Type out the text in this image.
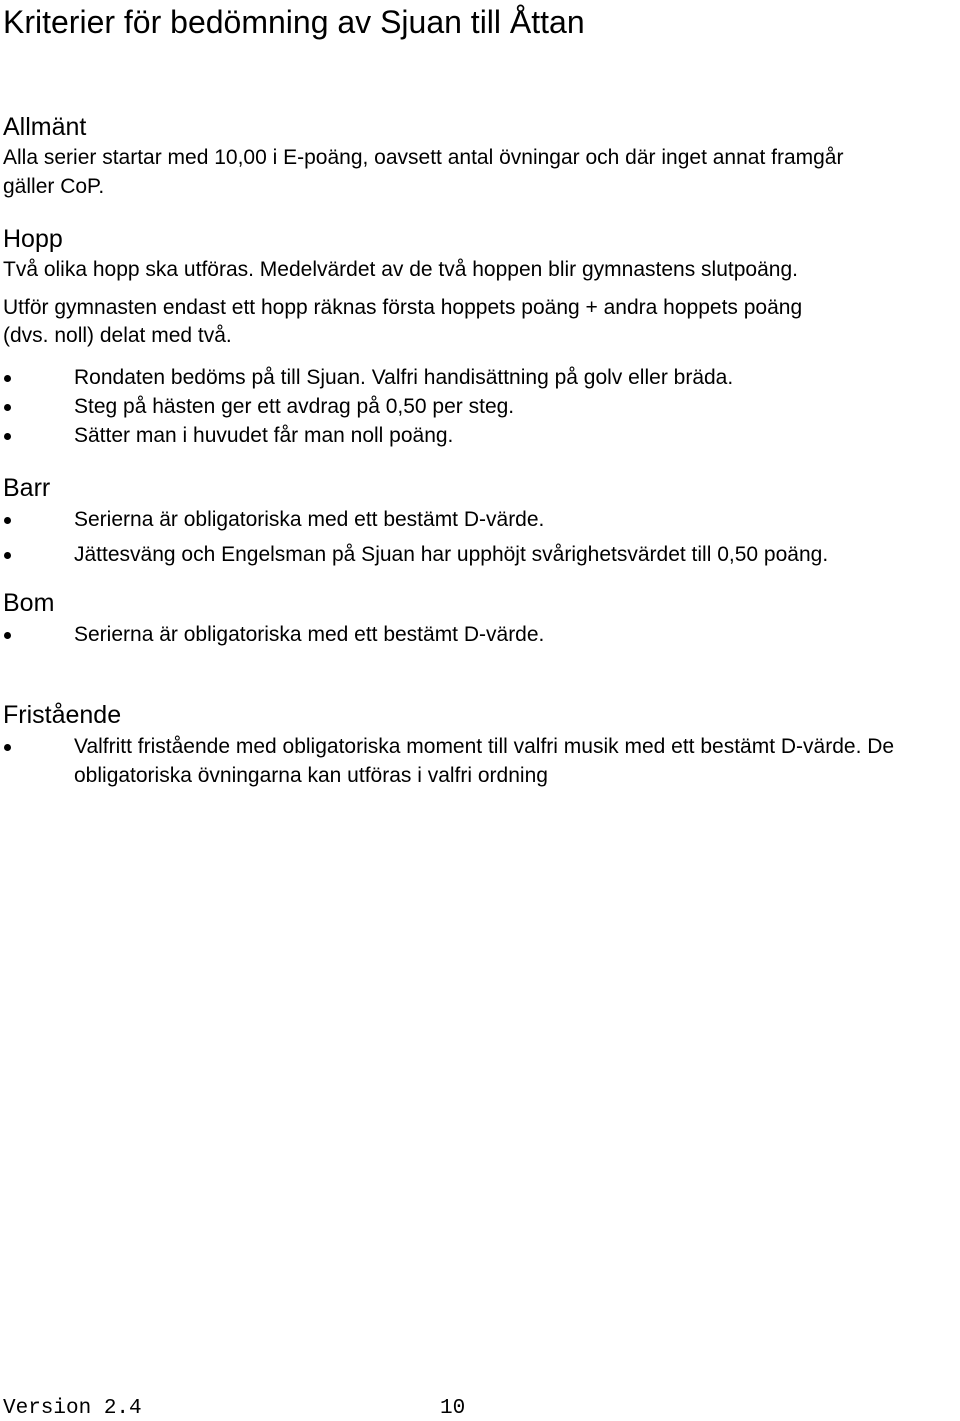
Kriterier för bedömning av Sjuan till Åttan
Allmänt

Alla serier startar med 10,00 i E-poäng, oavsett antal övningar och där inget annat framgår

gäller CoP.

Hopp

Två olika hopp ska utföras. Medelvärdet av de två hoppen blir gymnastens slutpoäng.

Utför gymnasten endast ett hopp räknas första hoppets poäng + andra hoppets poäng

(dvs. noll) delat med två.

Rondaten bedöms på till Sjuan. Valfri handisättning på golv eller bräda.
Steg på hästen ger ett avdrag på 0,50 per steg.
Sätter man i huvudet får man noll poäng.
Barr
Serierna är obligatoriska med ett bestämt D-värde.
Jättesväng och Engelsman på Sjuan har upphöjt svårighetsvärdet till 0,50 poäng.
Bom
Serierna är obligatoriska med ett bestämt D-värde.
Fristående
Valfritt fristående med obligatoriska moment till valfri musik med ett bestämt D-värde. De obligatoriska övningarna kan utföras i valfri ordning
Version 2.4	10
